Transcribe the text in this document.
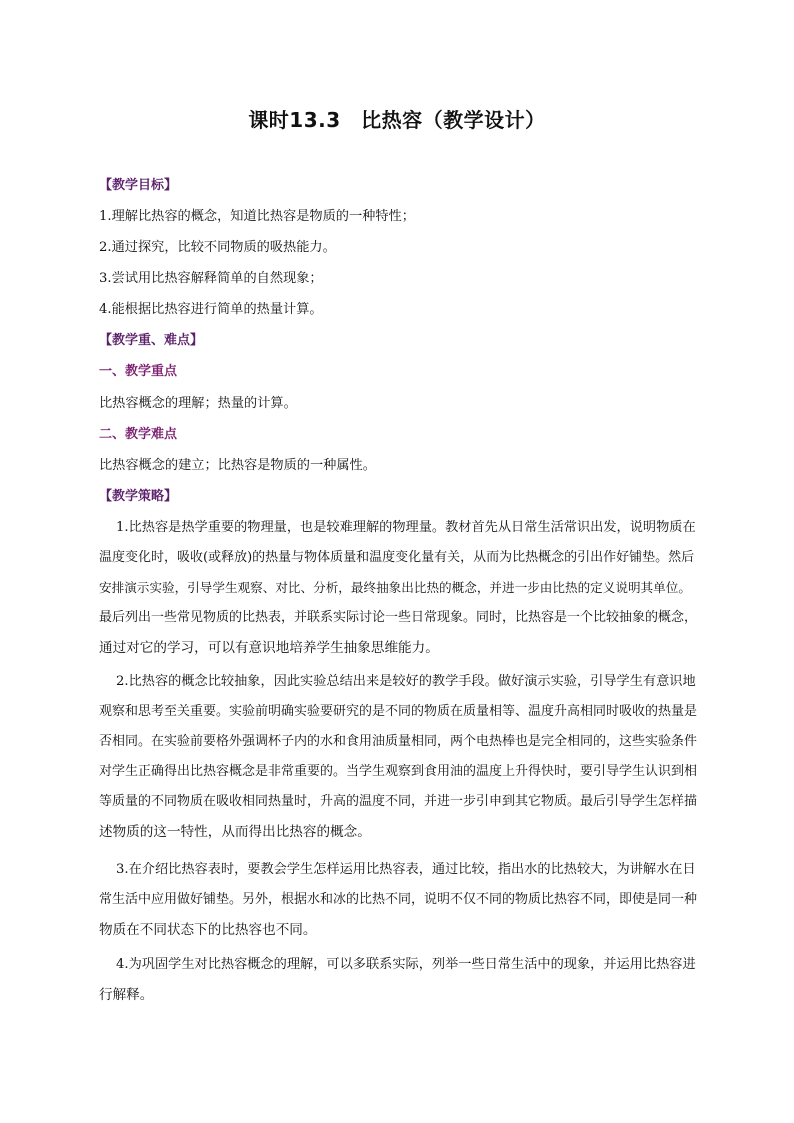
课时13.3　比热容（教学设计）
【教学目标】
1.理解比热容的概念，知道比热容是物质的一种特性；
2.通过探究，比较不同物质的吸热能力。
3.尝试用比热容解释简单的自然现象；
4.能根据比热容进行简单的热量计算。
【教学重、难点】
一、教学重点
比热容概念的理解；热量的计算。
二、教学难点
比热容概念的建立；比热容是物质的一种属性。
【教学策略】
1.比热容是热学重要的物理量，也是较难理解的物理量。教材首先从日常生活常识出发，说明物质在
温度变化时，吸收(或释放)的热量与物体质量和温度变化量有关，从而为比热概念的引出作好铺垫。然后
安排演示实验，引导学生观察、对比、分析，最终抽象出比热的概念，并进一步由比热的定义说明其单位。
最后列出一些常见物质的比热表，并联系实际讨论一些日常现象。同时，比热容是一个比较抽象的概念，
通过对它的学习，可以有意识地培养学生抽象思维能力。
2.比热容的概念比较抽象，因此实验总结出来是较好的教学手段。做好演示实验，引导学生有意识地
观察和思考至关重要。实验前明确实验要研究的是不同的物质在质量相等、温度升高相同时吸收的热量是
否相同。在实验前要格外强调杯子内的水和食用油质量相同，两个电热棒也是完全相同的，这些实验条件
对学生正确得出比热容概念是非常重要的。当学生观察到食用油的温度上升得快时，要引导学生认识到相
等质量的不同物质在吸收相同热量时，升高的温度不同，并进一步引申到其它物质。最后引导学生怎样描
述物质的这一特性，从而得出比热容的概念。
3.在介绍比热容表时，要教会学生怎样运用比热容表，通过比较，指出水的比热较大，为讲解水在日
常生活中应用做好铺垫。另外，根据水和冰的比热不同，说明不仅不同的物质比热容不同，即使是同一种
物质在不同状态下的比热容也不同。
4.为巩固学生对比热容概念的理解，可以多联系实际，列举一些日常生活中的现象，并运用比热容进
行解释。
